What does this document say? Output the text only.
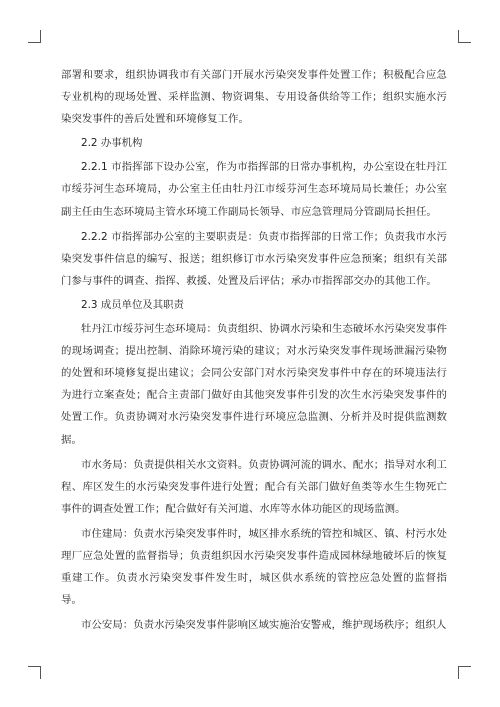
部署和要求，组织协调我市有关部门开展水污染突发事件处置工作；积极配合应急专业机构的现场处置、采样监测、物资调集、专用设备供给等工作；组织实施水污染突发事件的善后处置和环境修复工作。

2.2 办事机构

2.2.1 市指挥部下设办公室，作为市指挥部的日常办事机构，办公室设在牡丹江市绥芬河生态环境局，办公室主任由牡丹江市绥芬河生态环境局局长兼任；办公室副主任由生态环境局主管水环境工作副局长领导、市应急管理局分管副局长担任。

2.2.2 市指挥部办公室的主要职责是：负责市指挥部的日常工作；负责我市水污染突发事件信息的编写、报送；组织修订市水污染突发事件应急预案；组织有关部门参与事件的调查、指挥、救援、处置及后评估；承办市指挥部交办的其他工作。

2.3 成员单位及其职责

牡丹江市绥芬河生态环境局：负责组织、协调水污染和生态破坏水污染突发事件的现场调查；提出控制、消除环境污染的建议；对水污染突发事件现场泄漏污染物的处置和环境修复提出建议；会同公安部门对水污染突发事件中存在的环境违法行为进行立案查处；配合主责部门做好由其他突发事件引发的次生水污染突发事件的处置工作。负责协调对水污染突发事件进行环境应急监测、分析并及时提供监测数据。

市水务局：负责提供相关水文资料。负责协调河流的调水、配水；指导对水利工程、库区发生的水污染突发事件进行处置；配合有关部门做好鱼类等水生生物死亡事件的调查处置工作；配合做好有关河道、水库等水体功能区的现场监测。

市住建局：负责水污染突发事件时，城区排水系统的管控和城区、镇、村污水处理厂应急处置的监督指导；负责组织因水污染突发事件造成园林绿地破坏后的恢复重建工作。负责水污染突发事件发生时，城区供水系统的管控应急处置的监督指导。

市公安局：负责水污染突发事件影响区域实施治安警戒，维护现场秩序；组织人
